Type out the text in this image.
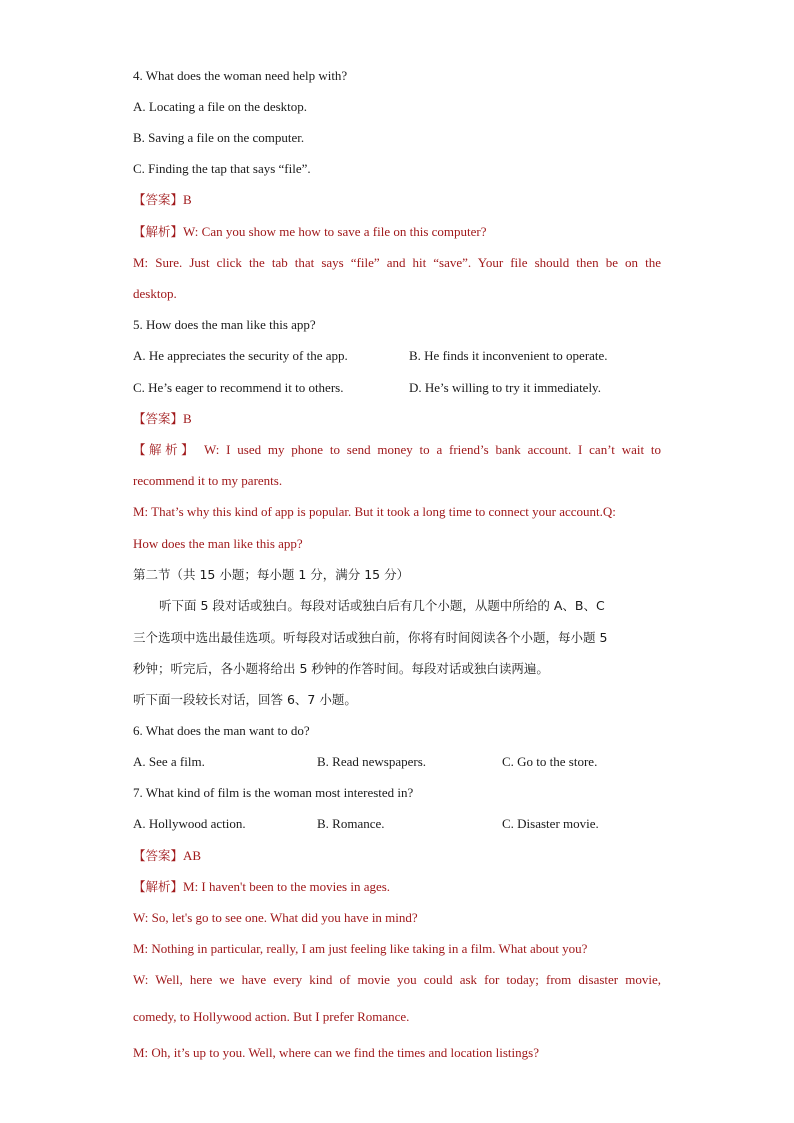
4. What does the woman need help with?
A. Locating a file on the desktop.
B. Saving a file on the computer.
C. Finding the tap that says “file”.
【答案】B
【解析】W: Can you show me how to save a file on this computer?
M: Sure. Just click the tab that says “file” and hit “save”. Your file should then be on the
desktop.
5. How does the man like this app?
A. He appreciates the security of the app.	B. He finds it inconvenient to operate.
C. He’s eager to recommend it to others.	D. He’s willing to try it immediately.
【答案】B
【解析】 W: I used my phone to send money to a friend’s bank account. I can’t wait to
recommend it to my parents.
M: That’s why this kind of app is popular. But it took a long time to connect your account.Q:
How does the man like this app?
第二节（共 15 小题；每小题 1 分，满分 15 分）
听下面 5 段对话或独白。每段对话或独白后有几个小题，从题中所给的 A、B、C
三个选项中选出最佳选项。听每段对话或独白前，你将有时间阅读各个小题，每小题 5
秒钟；听完后，各小题将给出 5 秒钟的作答时间。每段对话或独白读两遍。
听下面一段较长对话，回答 6、7 小题。
6. What does the man want to do?
A. See a film.	B. Read newspapers.	C. Go to the store.
7. What kind of film is the woman most interested in?
A. Hollywood action.	B. Romance.	C. Disaster movie.
【答案】AB
【解析】M: I haven't been to the movies in ages.
W: So, let's go to see one. What did you have in mind?
M: Nothing in particular, really, I am just feeling like taking in a film. What about you?
W: Well, here we have every kind of movie you could ask for today; from disaster movie,
comedy, to Hollywood action. But I prefer Romance.
M: Oh, it’s up to you. Well, where can we find the times and location listings?
